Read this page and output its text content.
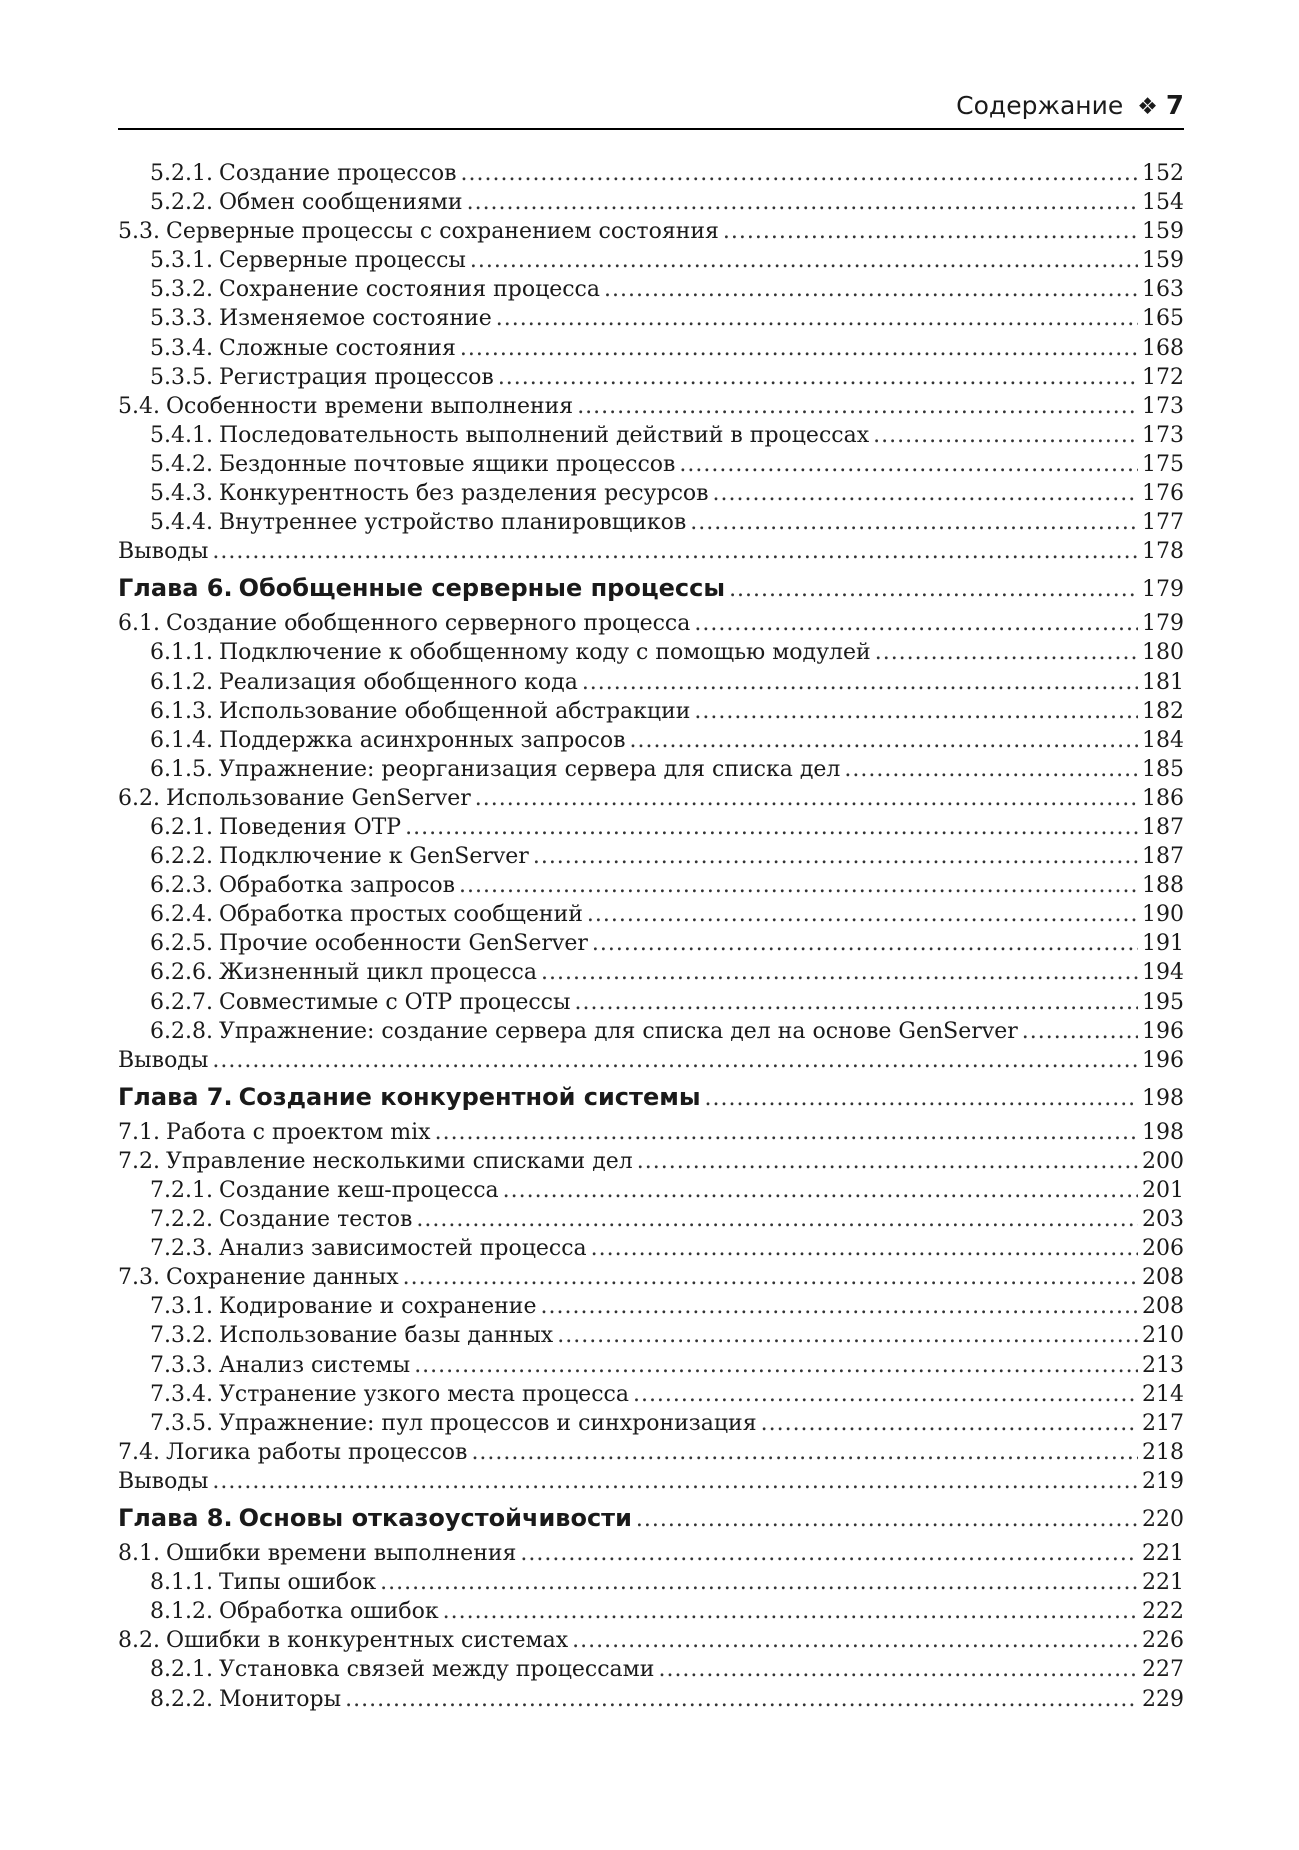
Содержание ❖ 7
5.2.1. Создание процессов .....	152
5.2.2. Обмен сообщениями .....	154
5.3. Серверные процессы с сохранением состояния .....	159
5.3.1. Серверные процессы .....	159
5.3.2. Сохранение состояния процесса .....	163
5.3.3. Изменяемое состояние .....	165
5.3.4. Сложные состояния .....	168
5.3.5. Регистрация процессов .....	172
5.4. Особенности времени выполнения .....	173
5.4.1. Последовательность выполнений действий в процессах .....	173
5.4.2. Бездонные почтовые ящики процессов .....	175
5.4.3. Конкурентность без разделения ресурсов .....	176
5.4.4. Внутреннее устройство планировщиков .....	177
Выводы .....	178
Глава 6. Обобщенные серверные процессы .....	179
6.1. Создание обобщенного серверного процесса .....	179
6.1.1. Подключение к обобщенному коду с помощью модулей .....	180
6.1.2. Реализация обобщенного кода .....	181
6.1.3. Использование обобщенной абстракции .....	182
6.1.4. Поддержка асинхронных запросов .....	184
6.1.5. Упражнение: реорганизация сервера для списка дел .....	185
6.2. Использование GenServer .....	186
6.2.1. Поведения OTP .....	187
6.2.2. Подключение к GenServer .....	187
6.2.3. Обработка запросов .....	188
6.2.4. Обработка простых сообщений .....	190
6.2.5. Прочие особенности GenServer .....	191
6.2.6. Жизненный цикл процесса .....	194
6.2.7. Совместимые с OTP процессы .....	195
6.2.8. Упражнение: создание сервера для списка дел на основе GenServer .....	196
Выводы .....	196
Глава 7. Создание конкурентной системы .....	198
7.1. Работа с проектом mix .....	198
7.2. Управление несколькими списками дел .....	200
7.2.1. Создание кеш-процесса .....	201
7.2.2. Создание тестов .....	203
7.2.3. Анализ зависимостей процесса .....	206
7.3. Сохранение данных .....	208
7.3.1. Кодирование и сохранение .....	208
7.3.2. Использование базы данных .....	210
7.3.3. Анализ системы .....	213
7.3.4. Устранение узкого места процесса .....	214
7.3.5. Упражнение: пул процессов и синхронизация .....	217
7.4. Логика работы процессов .....	218
Выводы .....	219
Глава 8. Основы отказоустойчивости .....	220
8.1. Ошибки времени выполнения .....	221
8.1.1. Типы ошибок .....	221
8.1.2. Обработка ошибок .....	222
8.2. Ошибки в конкурентных системах .....	226
8.2.1. Установка связей между процессами .....	227
8.2.2. Мониторы .....	229
